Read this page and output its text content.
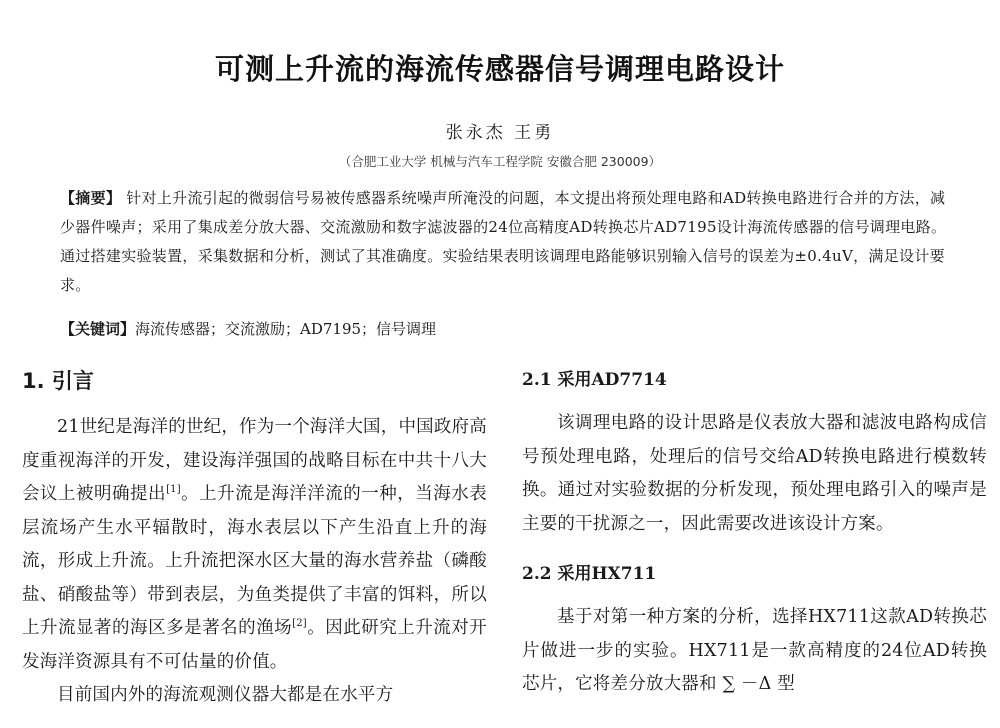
可测上升流的海流传感器信号调理电路设计
张永杰 王勇
（合肥工业大学 机械与汽车工程学院 安徽合肥 230009）
【摘要】 针对上升流引起的微弱信号易被传感器系统噪声所淹没的问题，本文提出将预处理电路和AD转换电路进行合并的方法，减少器件噪声；采用了集成差分放大器、交流激励和数字滤波器的24位高精度AD转换芯片AD7195设计海流传感器的信号调理电路。通过搭建实验装置，采集数据和分析，测试了其准确度。实验结果表明该调理电路能够识别输入信号的误差为±0.4uV，满足设计要求。
【关键词】海流传感器；交流激励；AD7195；信号调理
1. 引言

21世纪是海洋的世纪，作为一个海洋大国，中国政府高度重视海洋的开发，建设海洋强国的战略目标在中共十八大会议上被明确提出[1]。上升流是海洋洋流的一种，当海水表层流场产生水平辐散时，海水表层以下产生沿直上升的海流，形成上升流。上升流把深水区大量的海水营养盐（磷酸盐、硝酸盐等）带到表层，为鱼类提供了丰富的饵料，所以上升流显著的海区多是著名的渔场[2]。因此研究上升流对开发海洋资源具有不可估量的价值。

目前国内外的海流观测仪器大都是在水平方

2.1 采用AD7714

该调理电路的设计思路是仪表放大器和滤波电路构成信号预处理电路，处理后的信号交给AD转换电路进行模数转换。通过对实验数据的分析发现，预处理电路引入的噪声是主要的干扰源之一，因此需要改进该设计方案。

2.2 采用HX711

基于对第一种方案的分析，选择HX711这款AD转换芯片做进一步的实验。HX711是一款高精度的24位AD转换芯片，它将差分放大器和 ∑ －Δ 型
